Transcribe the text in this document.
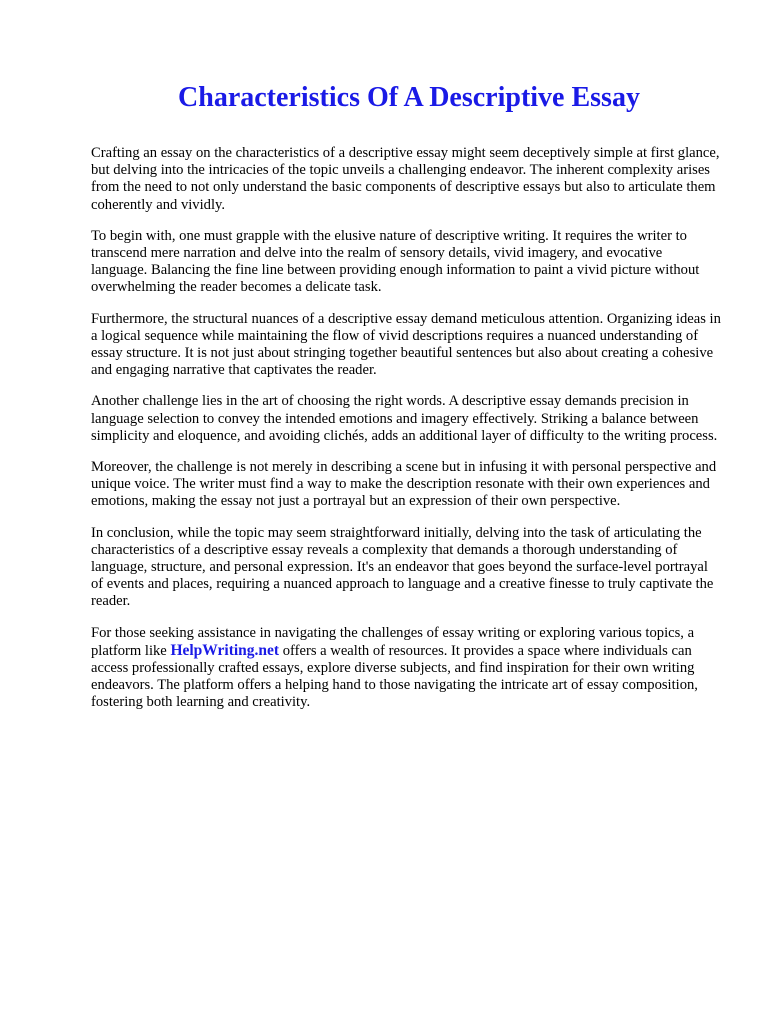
Characteristics Of A Descriptive Essay

Crafting an essay on the characteristics of a descriptive essay might seem deceptively simple at first glance, but delving into the intricacies of the topic unveils a challenging endeavor. The inherent complexity arises from the need to not only understand the basic components of descriptive essays but also to articulate them coherently and vividly.

To begin with, one must grapple with the elusive nature of descriptive writing. It requires the writer to transcend mere narration and delve into the realm of sensory details, vivid imagery, and evocative language. Balancing the fine line between providing enough information to paint a vivid picture without overwhelming the reader becomes a delicate task.

Furthermore, the structural nuances of a descriptive essay demand meticulous attention. Organizing ideas in a logical sequence while maintaining the flow of vivid descriptions requires a nuanced understanding of essay structure. It is not just about stringing together beautiful sentences but also about creating a cohesive and engaging narrative that captivates the reader.

Another challenge lies in the art of choosing the right words. A descriptive essay demands precision in language selection to convey the intended emotions and imagery effectively. Striking a balance between simplicity and eloquence, and avoiding clichés, adds an additional layer of difficulty to the writing process.

Moreover, the challenge is not merely in describing a scene but in infusing it with personal perspective and unique voice. The writer must find a way to make the description resonate with their own experiences and emotions, making the essay not just a portrayal but an expression of their own perspective.

In conclusion, while the topic may seem straightforward initially, delving into the task of articulating the characteristics of a descriptive essay reveals a complexity that demands a thorough understanding of language, structure, and personal expression. It's an endeavor that goes beyond the surface-level portrayal of events and places, requiring a nuanced approach to language and a creative finesse to truly captivate the reader.

For those seeking assistance in navigating the challenges of essay writing or exploring various topics, a platform like HelpWriting.net offers a wealth of resources. It provides a space where individuals can access professionally crafted essays, explore diverse subjects, and find inspiration for their own writing endeavors. The platform offers a helping hand to those navigating the intricate art of essay composition, fostering both learning and creativity.
